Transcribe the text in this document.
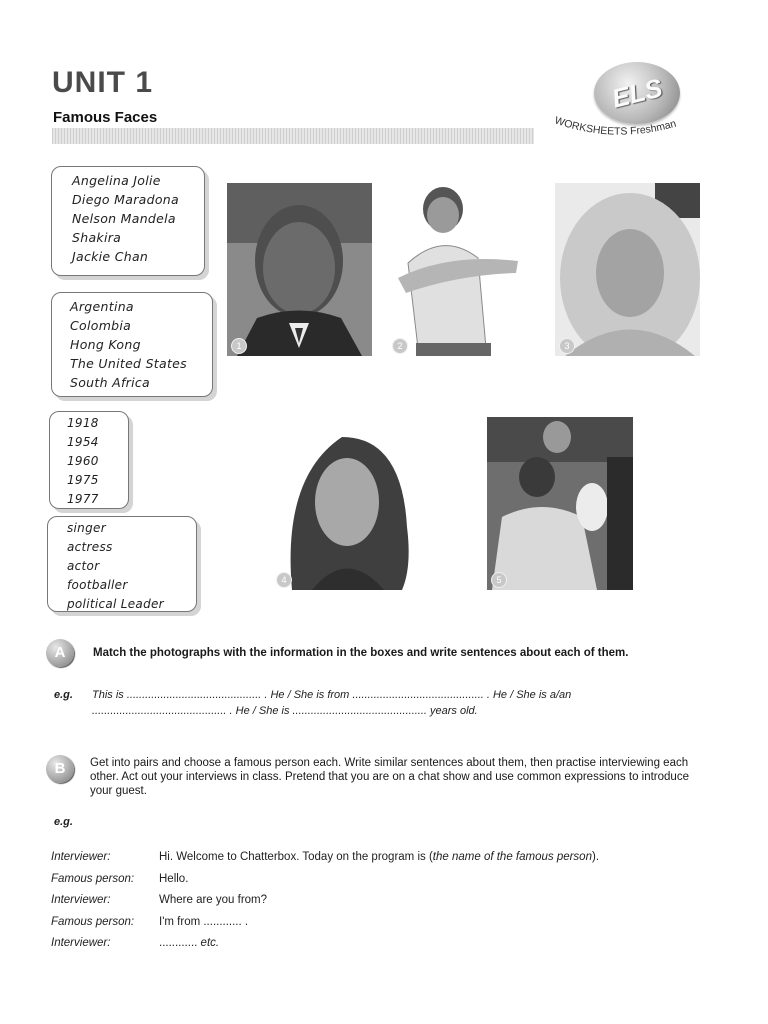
UNIT 1
Famous Faces
ELS
WORKSHEETS Freshman
Angelina Jolie
Diego Maradona
Nelson Mandela
Shakira
Jackie Chan
Argentina
Colombia
Hong Kong
The United States
South Africa
1918
1954
1960
1975
1977
singer
actress
actor
footballer
political Leader
1	2	3
4	5
A	Match the photographs with the information in the boxes and write sentences about each of them.
e.g. This is ............................................ . He / She is from ........................................... . He / She is a/an
............................................ . He / She is ............................................ years old.
B	Get into pairs and choose a famous person each. Write similar sentences about them, then practise interviewing each other. Act out your interviews in class. Pretend that you are on a chat show and use common expressions to introduce your guest.
e.g.
Interviewer:	Hi. Welcome to Chatterbox. Today on the program is (the name of the famous person).
Famous person: Hello.
Interviewer:	Where are you from?
Famous person: I'm from ............ .
Interviewer:	............ etc.
